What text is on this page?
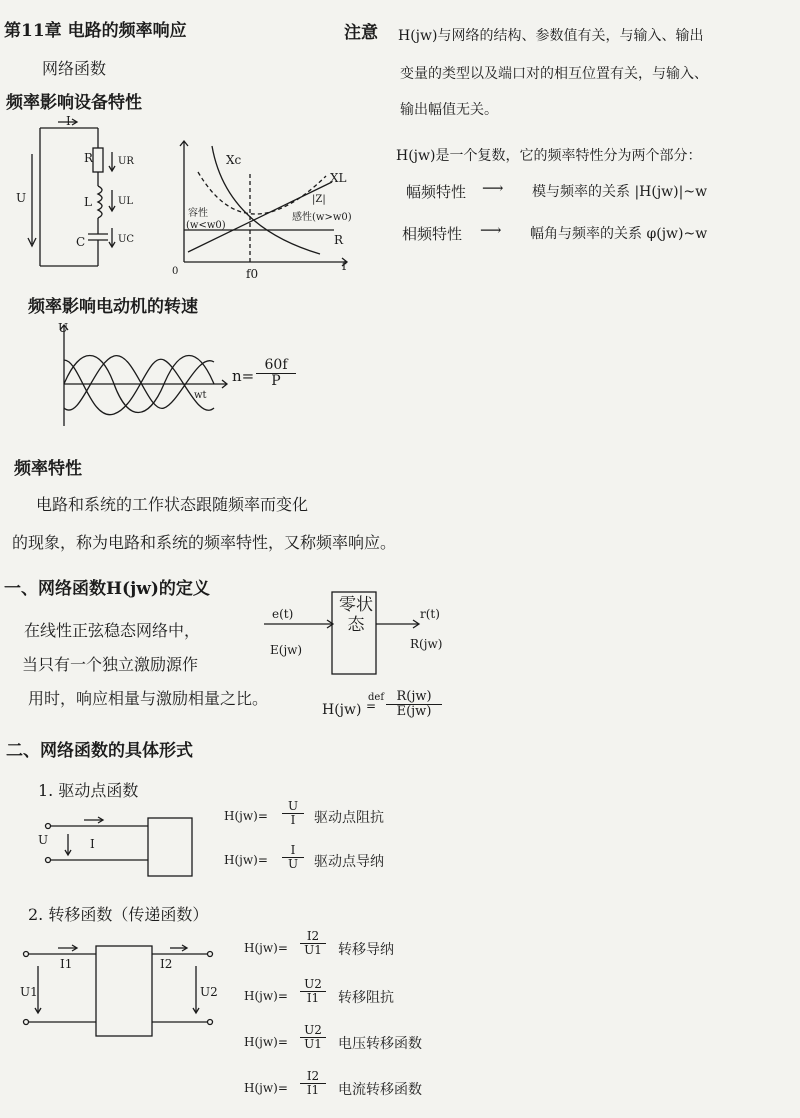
第11章 电路的频率响应
网络函数
注意 H(jw)与网络的结构、参数值有关，与输入、输出
变量的类型以及端口对的相互位置有关，与输入、
输出幅值无关。
H(jw)是一个复数，它的频率特性分为两个部分：
幅频特性 ⟶ 模与频率的关系 |H(jw)|~w
相频特性 ⟶ 幅角与频率的关系 φ(jw)~w
频率影响设备特性
I
U
R
L
C
UR
UL
UC
Xc
XL
|Z|
R
容性
(w<w0)
感性(w>w0)
0	f0
f
频率影响电动机的转速
U
wt
$n= \frac{60f}{P}$
频率特性
电路和系统的工作状态跟随频率而变化
的现象，称为电路和系统的频率特性，又称频率响应。
一、网络函数H(jw)的定义
在线性正弦稳态网络中，
当只有一个独立激励源作
用时，响应相量与激励相量之比。
零状态
e(t)
E(jw)
r(t)
R(jw)
H(jw)
def
= $\frac{R(jw)}{E(jw)}$
二、网络函数的具体形式
1. 驱动点函数
U	I
$H(jw)= \frac{U}{I}$ 驱动点阻抗
$H(jw)= \frac{I}{U}$ 驱动点导纳
2. 转移函数（传递函数）
U1
I1	I2
U2
$H(jw)= \frac{I2}{U1}$ 转移导纳
$H(jw)= \frac{U2}{I1}$ 转移阻抗
$H(jw)= \frac{U2}{U1}$ 电压转移函数
$H(jw)= \frac{I2}{I1}$ 电流转移函数
